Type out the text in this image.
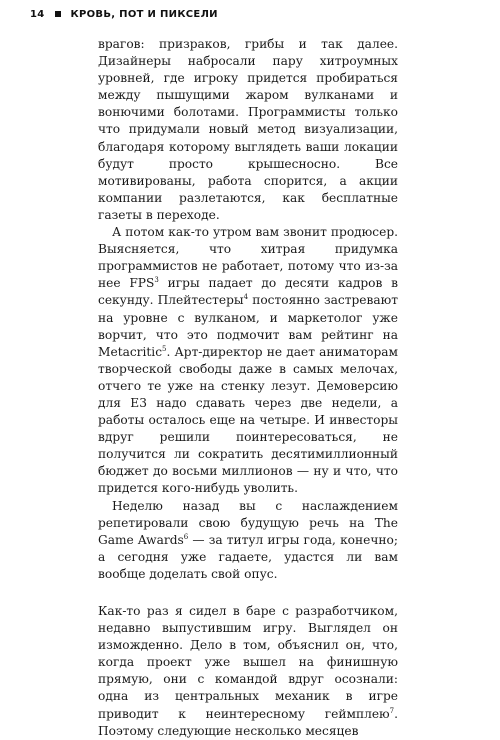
14	КРОВЬ, ПОТ И ПИКСЕЛИ

врагов: призраков, грибы и так далее. Дизайнеры набросали пару хитроумных уровней, где игроку придется пробираться между пышущими жаром вулканами и вонючими болотами. Программисты только что придумали новый метод визуализации, благодаря которому выглядеть ваши локации будут просто крышесносно. Все мотивированы, работа спорится, а акции компании разлетаются, как бесплатные газеты в переходе.

А потом как-то утром вам звонит продюсер. Выясняется, что хитрая придумка программистов не работает, потому что из-за нее FPS$^3$ игры падает до десяти кадров в секунду. Плейтестеры$^4$ постоянно застревают на уровне с вулканом, и маркетолог уже ворчит, что это подмочит вам рейтинг на Metacritic$^5$. Арт-директор не дает аниматорам творческой свободы даже в самых мелочах, отчего те уже на стенку лезут. Демоверсию для E3 надо сдавать через две недели, а работы осталось еще на четыре. И инвесторы вдруг решили поинтересоваться, не получится ли сократить десятимиллионный бюджет до восьми миллионов — ну и что, что придется кого-нибудь уволить.

Неделю назад вы с наслаждением репетировали свою будущую речь на The Game Awards$^6$ — за титул игры года, конечно; а сегодня уже гадаете, удастся ли вам вообще доделать свой опус.

Как-то раз я сидел в баре с разработчиком, недавно выпустившим игру. Выглядел он изможденно. Дело в том, объяснил он, что, когда проект уже вышел на финишную прямую, они с командой вдруг осознали: одна из центральных механик в игре приводит к неинтересному геймплею$^7$. Поэтому следующие несколько месяцев
